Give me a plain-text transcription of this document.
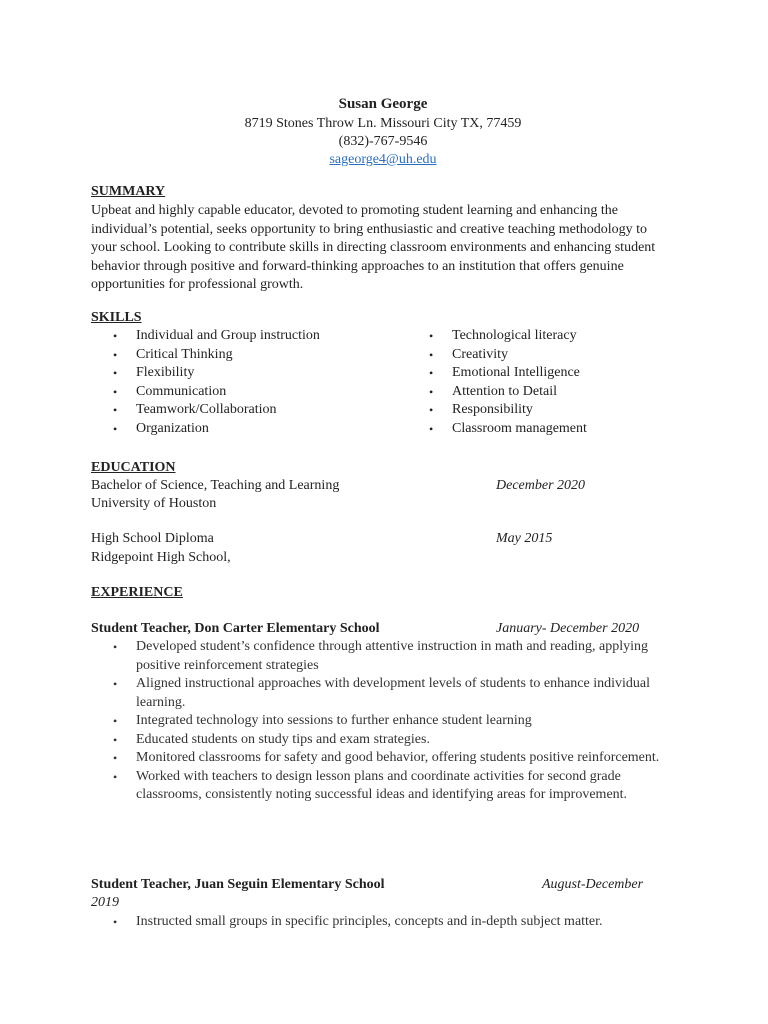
Susan George
8719 Stones Throw Ln. Missouri City TX, 77459
(832)-767-9546
sageorge4@uh.edu
SUMMARY
Upbeat and highly capable educator, devoted to promoting student learning and enhancing the individual’s potential, seeks opportunity to bring enthusiastic and creative teaching methodology to your school. Looking to contribute skills in directing classroom environments and enhancing student behavior through positive and forward-thinking approaches to an institution that offers genuine opportunities for professional growth.
SKILLS
• Individual and Group instruction
• Critical Thinking
• Flexibility
• Communication
• Teamwork/Collaboration
• Organization
• Technological literacy
• Creativity
• Emotional Intelligence
• Attention to Detail
• Responsibility
• Classroom management
EDUCATION
Bachelor of Science, Teaching and Learning	December 2020
University of Houston
High School Diploma	May 2015
Ridgepoint High School,
EXPERIENCE
Student Teacher, Don Carter Elementary School	January- December 2020
• Developed student’s confidence through attentive instruction in math and reading, applying positive reinforcement strategies
• Aligned instructional approaches with development levels of students to enhance individual learning.
• Integrated technology into sessions to further enhance student learning
• Educated students on study tips and exam strategies.
• Monitored classrooms for safety and good behavior, offering students positive reinforcement.
• Worked with teachers to design lesson plans and coordinate activities for second grade classrooms, consistently noting successful ideas and identifying areas for improvement.
Student Teacher, Juan Seguin Elementary School	August-December
2019
• Instructed small groups in specific principles, concepts and in-depth subject matter.
